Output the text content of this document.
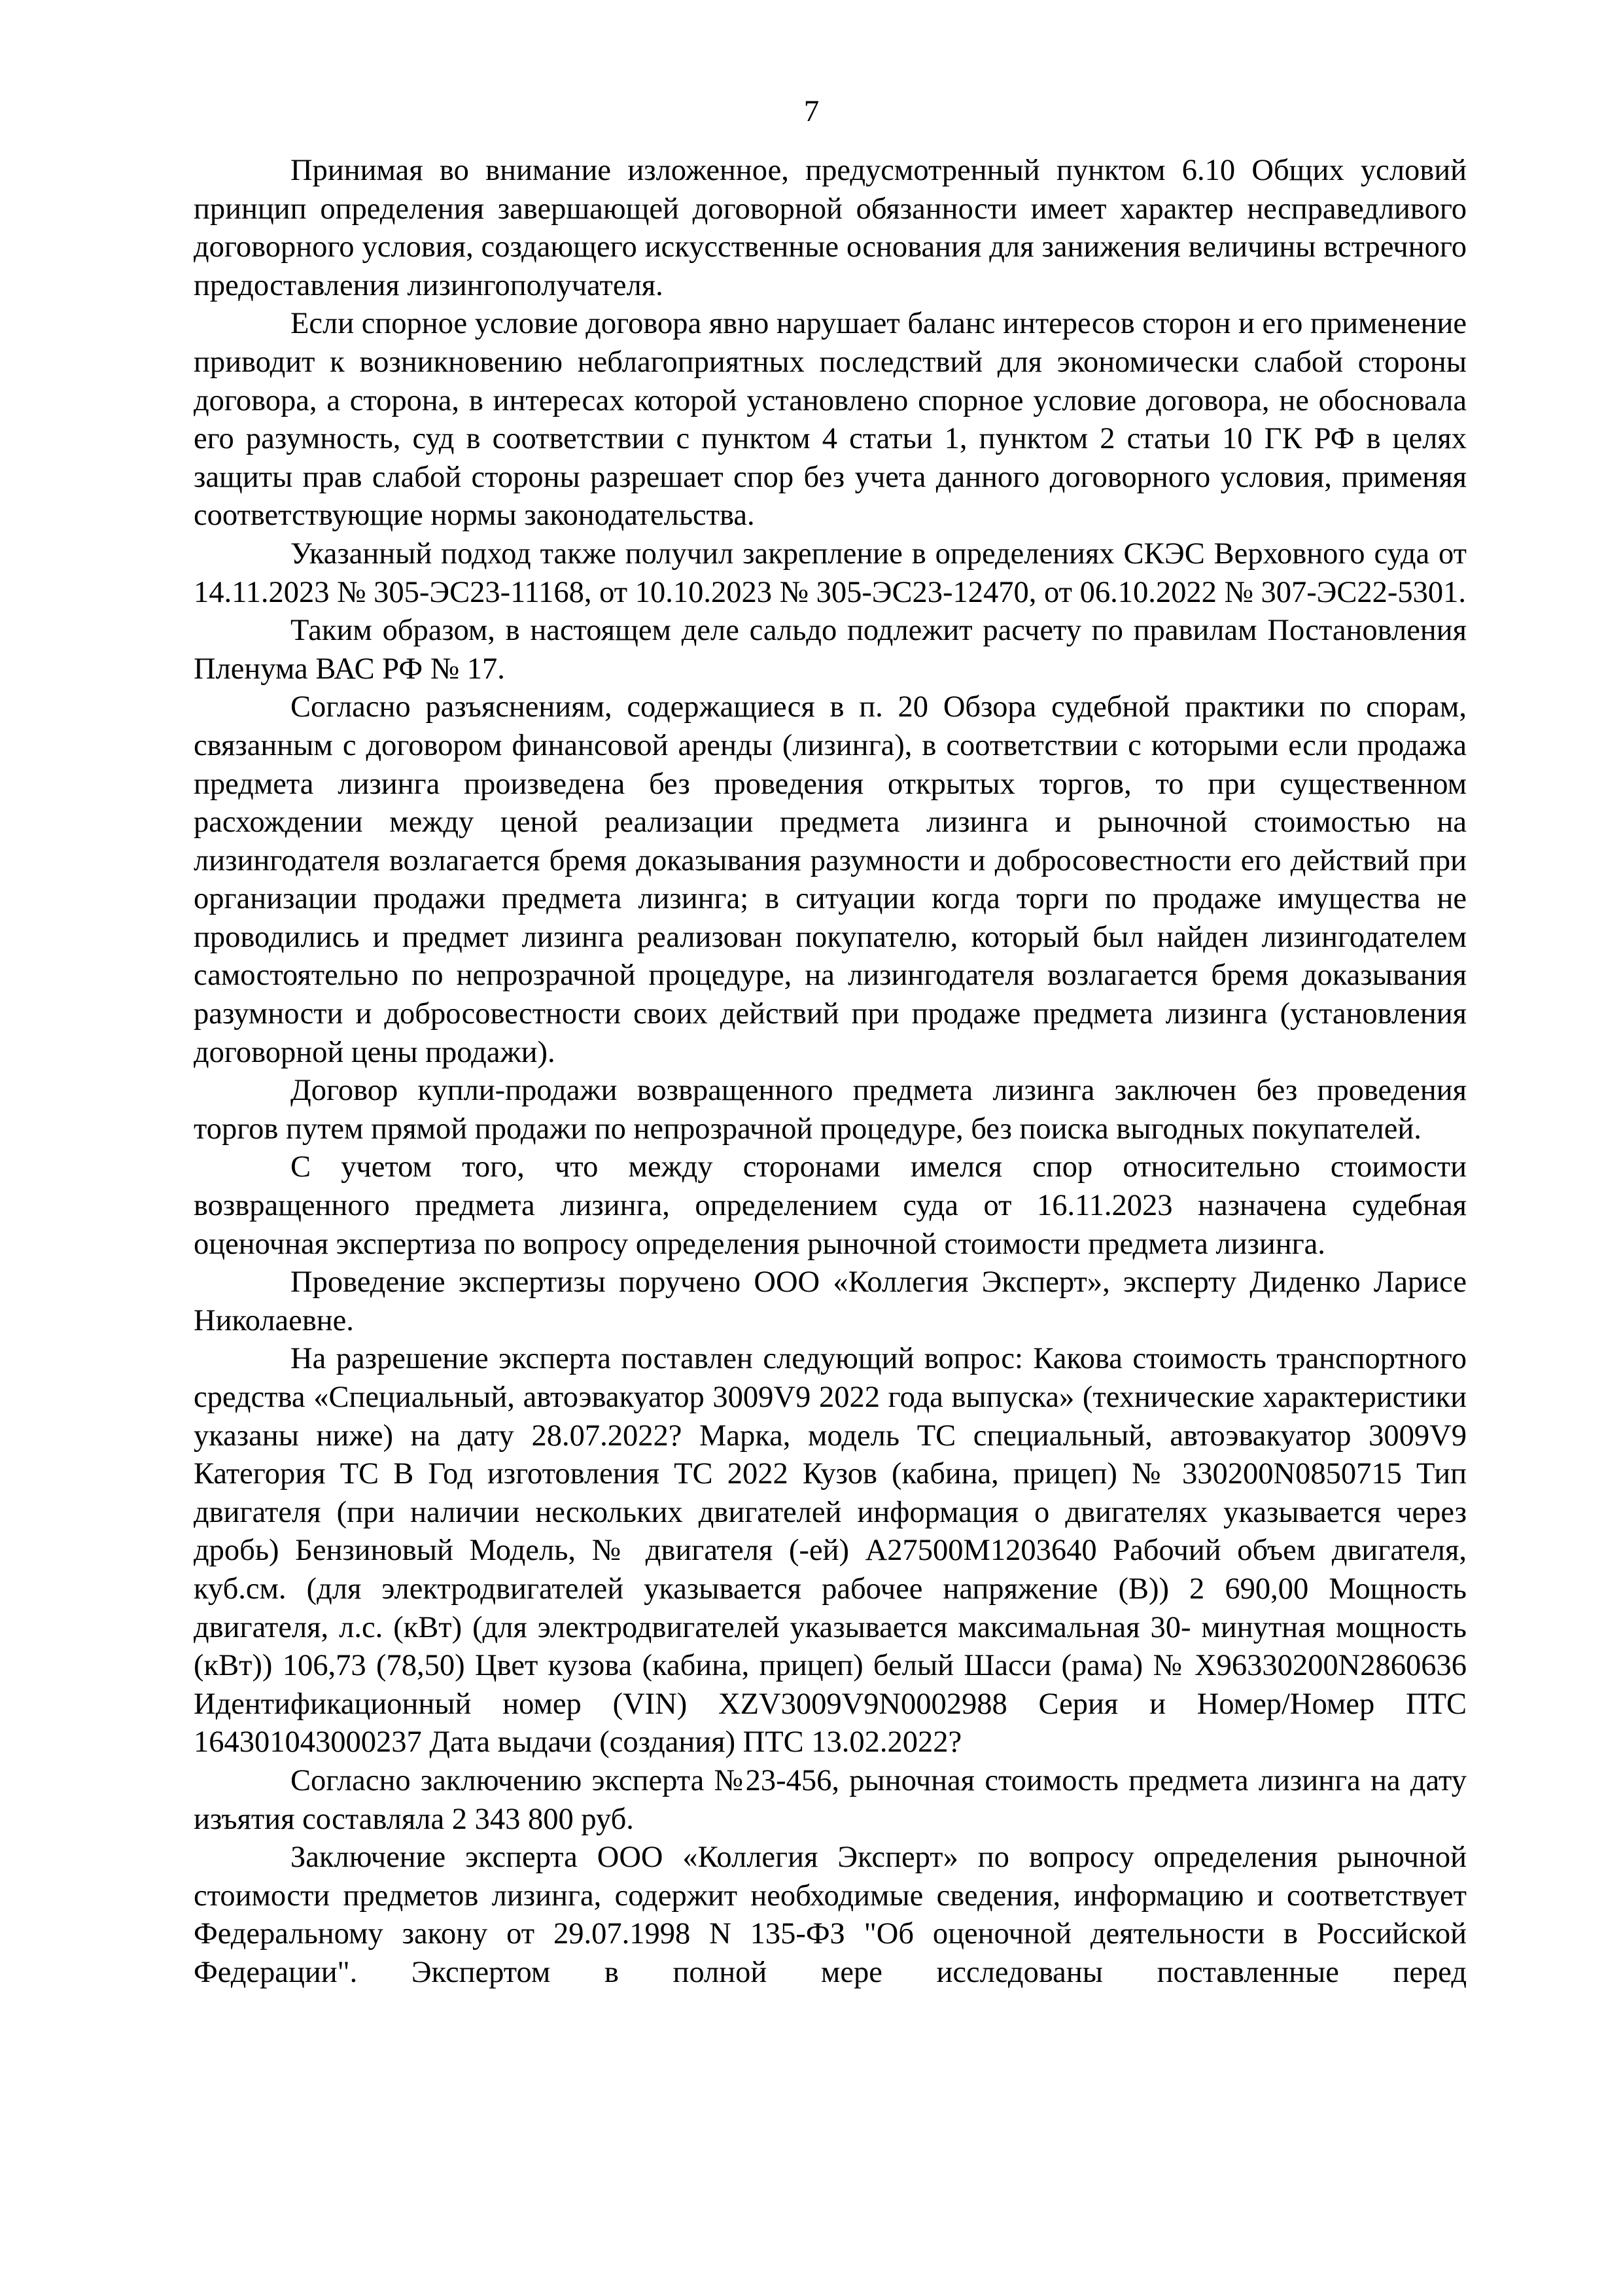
7

Принимая во внимание изложенное, предусмотренный пунктом 6.10 Общих условий принцип определения завершающей договорной обязанности имеет характер несправедливого договорного условия, создающего искусственные основания для занижения величины встречного предоставления лизингополучателя.

Если спорное условие договора явно нарушает баланс интересов сторон и его применение приводит к возникновению неблагоприятных последствий для экономически слабой стороны договора, а сторона, в интересах которой установлено спорное условие договора, не обосновала его разумность, суд в соответствии с пунктом 4 статьи 1, пунктом 2 статьи 10 ГК РФ в целях защиты прав слабой стороны разрешает спор без учета данного договорного условия, применяя соответствующие нормы законодательства.

Указанный подход также получил закрепление в определениях СКЭС Верховного суда от 14.11.2023 № 305-ЭС23-11168, от 10.10.2023 № 305-ЭС23-12470, от 06.10.2022 № 307-ЭС22-5301.

Таким образом, в настоящем деле сальдо подлежит расчету по правилам Постановления Пленума ВАС РФ № 17.

Согласно разъяснениям, содержащиеся в п. 20 Обзора судебной практики по спорам, связанным с договором финансовой аренды (лизинга), в соответствии с которыми если продажа предмета лизинга произведена без проведения открытых торгов, то при существенном расхождении между ценой реализации предмета лизинга и рыночной стоимостью на лизингодателя возлагается бремя доказывания разумности и добросовестности его действий при организации продажи предмета лизинга; в ситуации когда торги по продаже имущества не проводились и предмет лизинга реализован покупателю, который был найден лизингодателем самостоятельно по непрозрачной процедуре, на лизингодателя возлагается бремя доказывания разумности и добросовестности своих действий при продаже предмета лизинга (установления договорной цены продажи).

Договор купли-продажи возвращенного предмета лизинга заключен без проведения торгов путем прямой продажи по непрозрачной процедуре, без поиска выгодных покупателей.

С учетом того, что между сторонами имелся спор относительно стоимости возвращенного предмета лизинга, определением суда от 16.11.2023 назначена судебная оценочная экспертиза по вопросу определения рыночной стоимости предмета лизинга.

Проведение экспертизы поручено ООО «Коллегия Эксперт», эксперту Диденко Ларисе Николаевне.

На разрешение эксперта поставлен следующий вопрос: Какова стоимость транспортного средства «Специальный, автоэвакуатор 3009V9 2022 года выпуска» (технические характеристики указаны ниже) на дату 28.07.2022? Марка, модель ТС специальный, автоэвакуатор 3009V9 Категория ТС В Год изготовления ТС 2022 Кузов (кабина, прицеп) № 330200N0850715 Тип двигателя (при наличии нескольких двигателей информация о двигателях указывается через дробь) Бензиновый Модель, № двигателя (-ей) А27500М1203640 Рабочий объем двигателя, куб.см. (для электродвигателей указывается рабочее напряжение (В)) 2 690,00 Мощность двигателя, л.с. (кВт) (для электродвигателей указывается максимальная 30- минутная мощность (кВт)) 106,73 (78,50) Цвет кузова (кабина, прицеп) белый Шасси (рама) № X96330200N2860636 Идентификационный номер (VIN) XZV3009V9N0002988 Серия и Номер/Номер ПТС 164301043000237 Дата выдачи (создания) ПТС 13.02.2022?

Согласно заключению эксперта №23-456, рыночная стоимость предмета лизинга на дату изъятия составляла 2 343 800 руб.

Заключение эксперта ООО «Коллегия Эксперт» по вопросу определения рыночной стоимости предметов лизинга, содержит необходимые сведения, информацию и соответствует Федеральному закону от 29.07.1998 N 135-ФЗ "Об оценочной деятельности в Российской Федерации". Экспертом в полной мере исследованы поставленные перед
